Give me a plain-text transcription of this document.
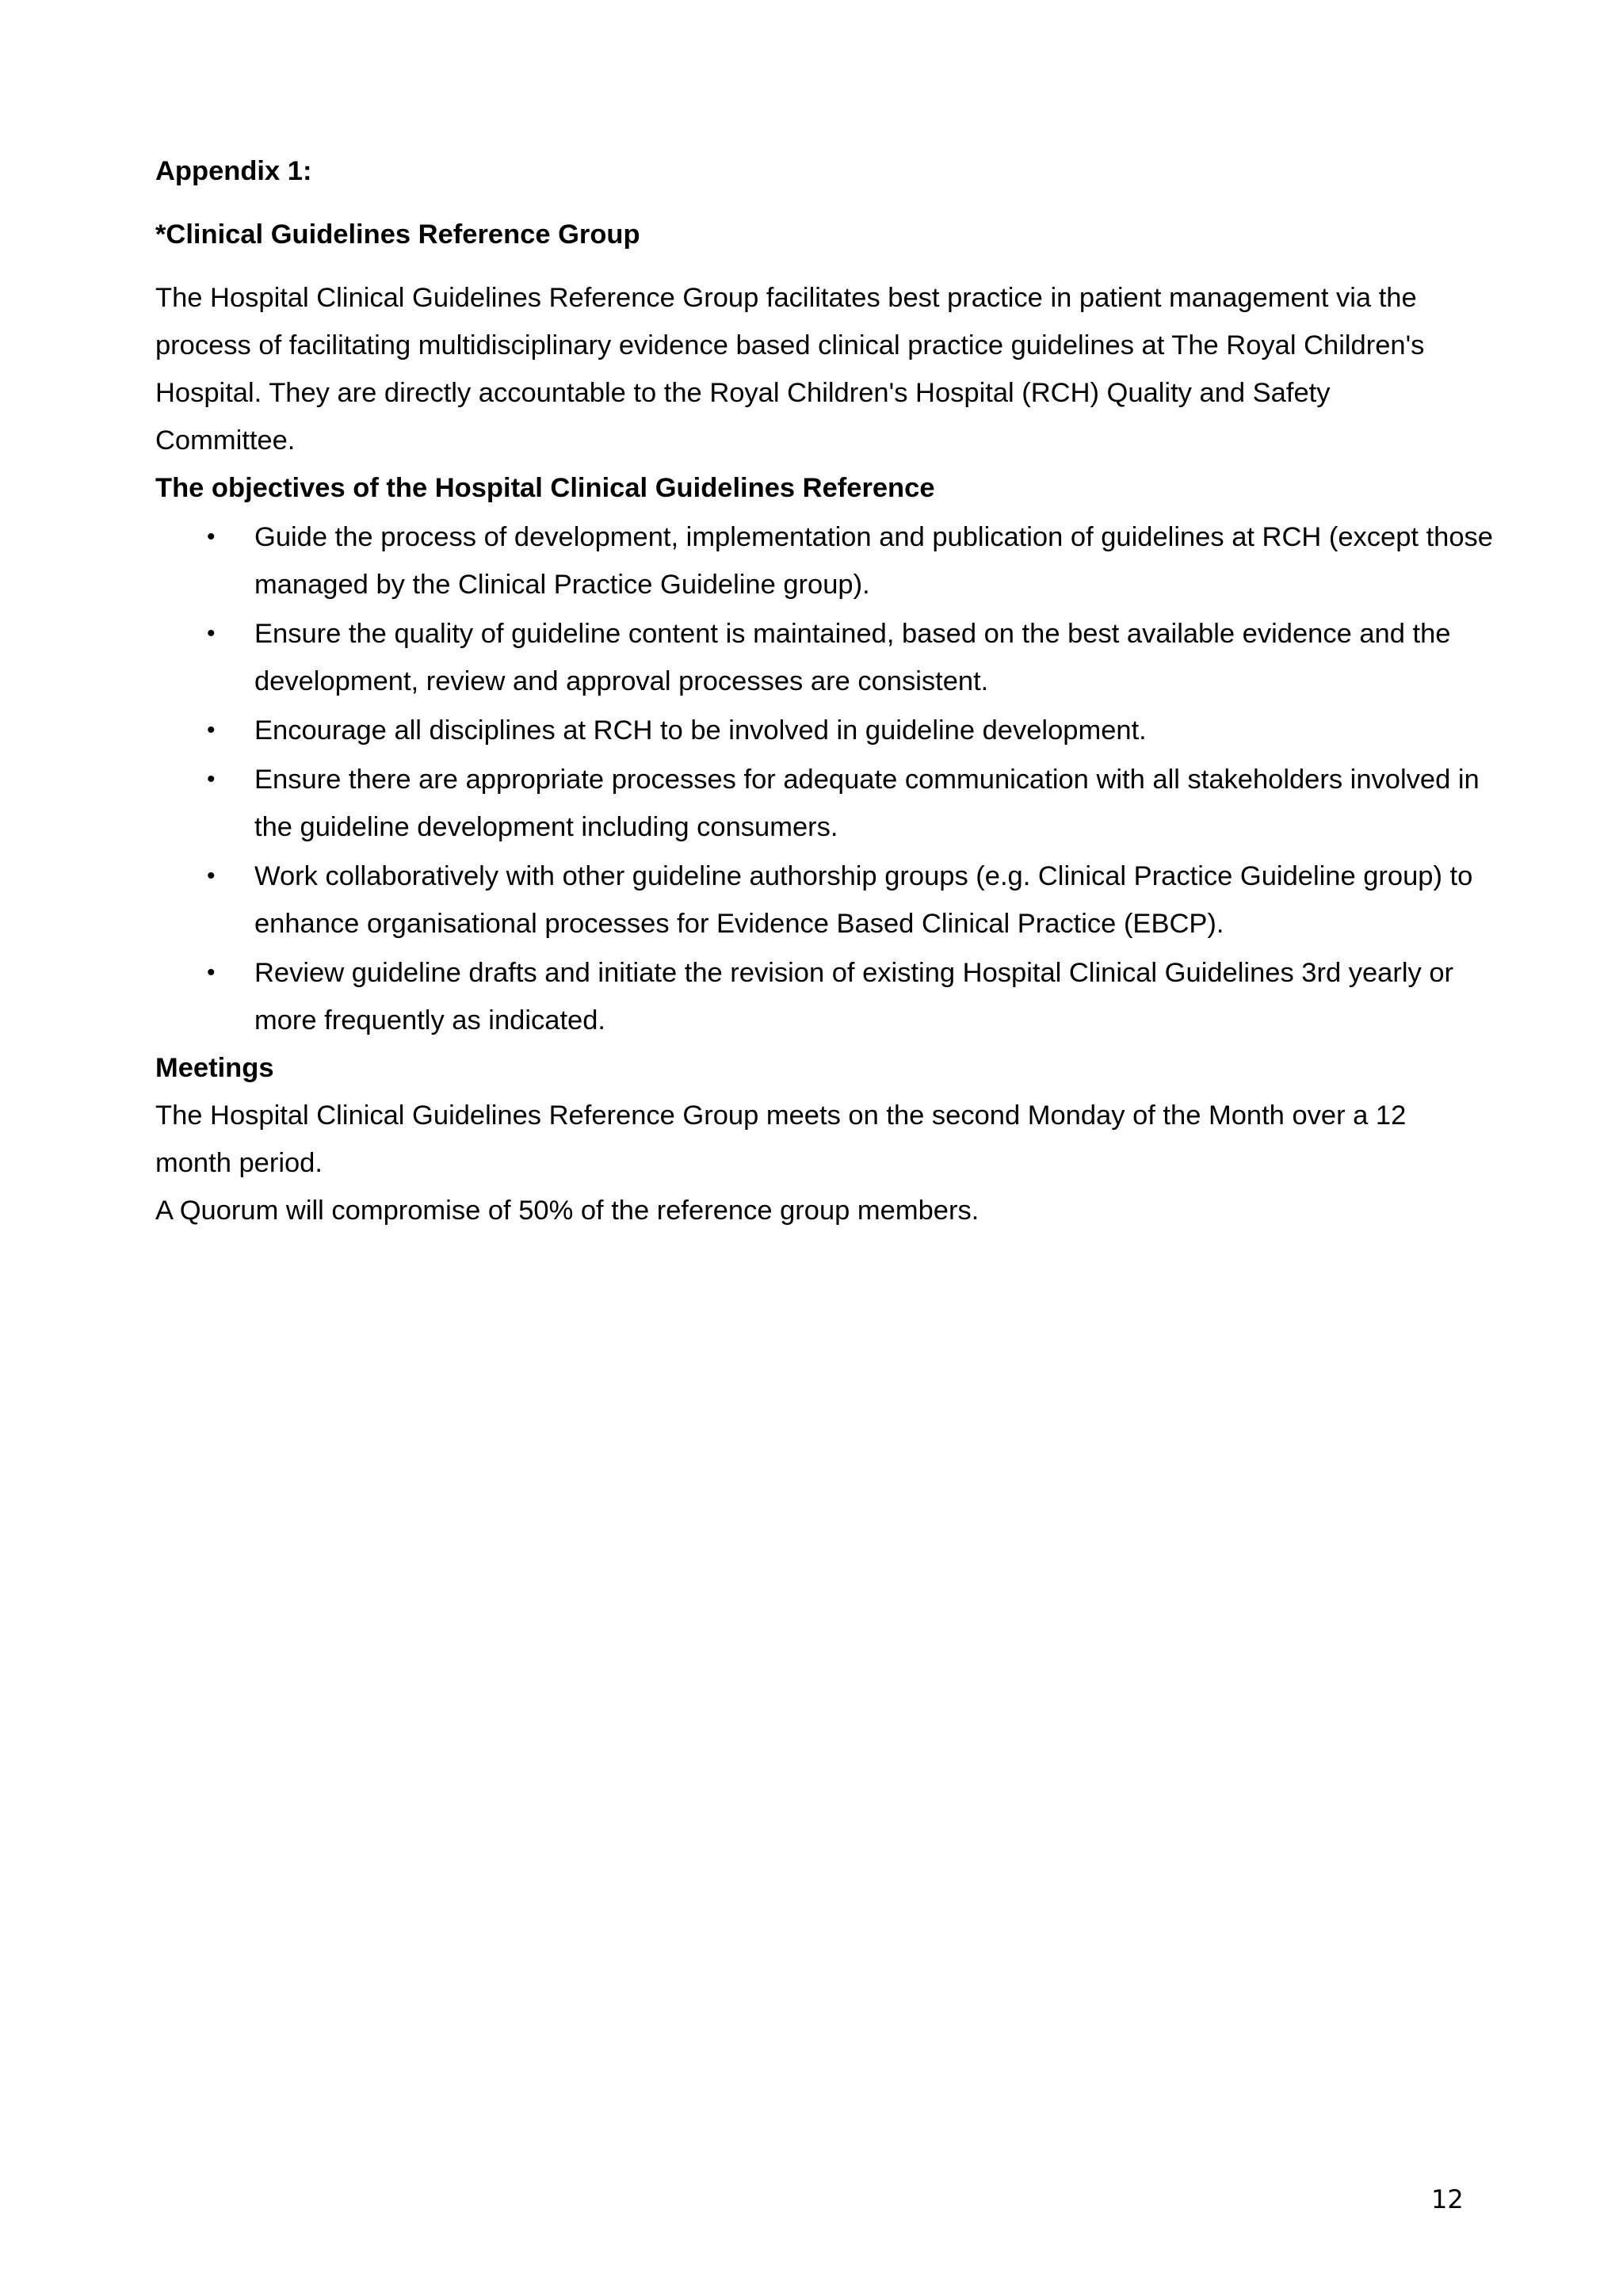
Appendix 1:
*Clinical Guidelines Reference Group

The Hospital Clinical Guidelines Reference Group facilitates best practice in patient management via the process of facilitating multidisciplinary evidence based clinical practice guidelines at The Royal Children's Hospital. They are directly accountable to the Royal Children's Hospital (RCH) Quality and Safety Committee.

The objectives of the Hospital Clinical Guidelines Reference
• Guide the process of development, implementation and publication of guidelines at RCH (except those managed by the Clinical Practice Guideline group).
• Ensure the quality of guideline content is maintained, based on the best available evidence and the development, review and approval processes are consistent.
• Encourage all disciplines at RCH to be involved in guideline development.
• Ensure there are appropriate processes for adequate communication with all stakeholders involved in the guideline development including consumers.
• Work collaboratively with other guideline authorship groups (e.g. Clinical Practice Guideline group) to enhance organisational processes for Evidence Based Clinical Practice (EBCP).
• Review guideline drafts and initiate the revision of existing Hospital Clinical Guidelines 3rd yearly or more frequently as indicated.
Meetings

The Hospital Clinical Guidelines Reference Group meets on the second Monday of the Month over a 12 month period.

A Quorum will compromise of 50% of the reference group members.

12
